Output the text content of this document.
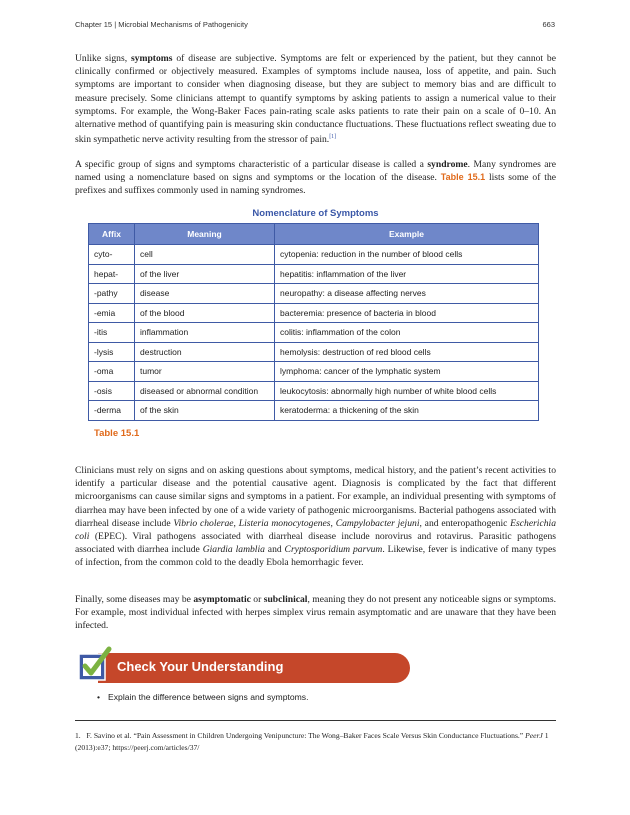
Chapter 15 | Microbial Mechanisms of Pathogenicity	663

Unlike signs, symptoms of disease are subjective. Symptoms are felt or experienced by the patient, but they cannot be clinically confirmed or objectively measured. Examples of symptoms include nausea, loss of appetite, and pain. Such symptoms are important to consider when diagnosing disease, but they are subject to memory bias and are difficult to measure precisely. Some clinicians attempt to quantify symptoms by asking patients to assign a numerical value to their symptoms. For example, the Wong-Baker Faces pain-rating scale asks patients to rate their pain on a scale of 0–10. An alternative method of quantifying pain is measuring skin conductance fluctuations. These fluctuations reflect sweating due to skin sympathetic nerve activity resulting from the stressor of pain.[1]

A specific group of signs and symptoms characteristic of a particular disease is called a syndrome. Many syndromes are named using a nomenclature based on signs and symptoms or the location of the disease. Table 15.1 lists some of the prefixes and suffixes commonly used in naming syndromes.

Nomenclature of Symptoms
Affix	Meaning	Example
cyto-	cell	cytopenia: reduction in the number of blood cells
hepat-	of the liver	hepatitis: inflammation of the liver
-pathy	disease	neuropathy: a disease affecting nerves
-emia	of the blood	bacteremia: presence of bacteria in blood
-itis	inflammation	colitis: inflammation of the colon
-lysis	destruction	hemolysis: destruction of red blood cells
-oma	tumor	lymphoma: cancer of the lymphatic system
-osis	diseased or abnormal condition	leukocytosis: abnormally high number of white blood cells
-derma	of the skin	keratoderma: a thickening of the skin
Table 15.1

Clinicians must rely on signs and on asking questions about symptoms, medical history, and the patient’s recent activities to identify a particular disease and the potential causative agent. Diagnosis is complicated by the fact that different microorganisms can cause similar signs and symptoms in a patient. For example, an individual presenting with symptoms of diarrhea may have been infected by one of a wide variety of pathogenic microorganisms. Bacterial pathogens associated with diarrheal disease include Vibrio cholerae, Listeria monocytogenes, Campylobacter jejuni, and enteropathogenic Escherichia coli (EPEC). Viral pathogens associated with diarrheal disease include norovirus and rotavirus. Parasitic pathogens associated with diarrhea include Giardia lamblia and Cryptosporidium parvum. Likewise, fever is indicative of many types of infection, from the common cold to the deadly Ebola hemorrhagic fever.

Finally, some diseases may be asymptomatic or subclinical, meaning they do not present any noticeable signs or symptoms. For example, most individual infected with herpes simplex virus remain asymptomatic and are unaware that they have been infected.

Check Your Understanding
• Explain the difference between signs and symptoms.
1. F. Savino et al. “Pain Assessment in Children Undergoing Venipuncture: The Wong–Baker Faces Scale Versus Skin Conductance Fluctuations.” PeerJ 1 (2013):e37; https://peerj.com/articles/37/
